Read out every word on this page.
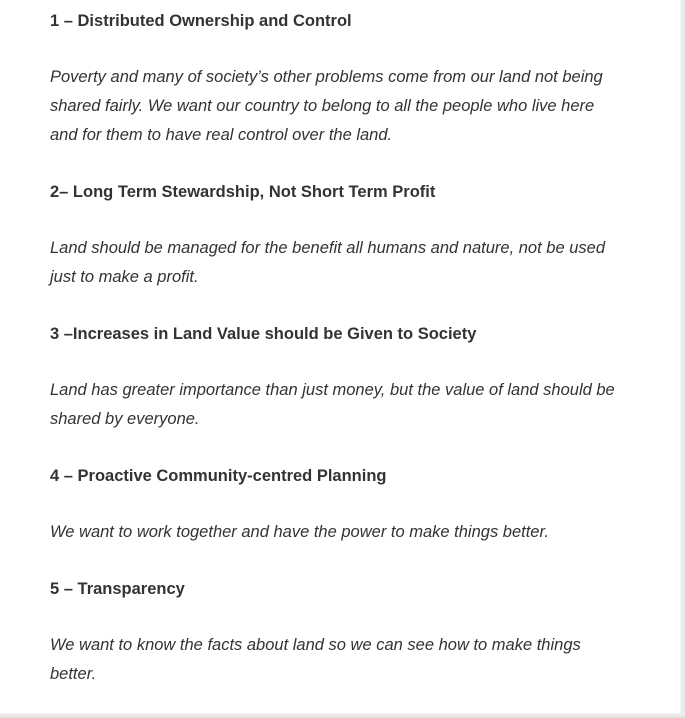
1 – Distributed Ownership and Control

Poverty and many of society’s other problems come from our land not being

shared fairly. We want our country to belong to all the people who live here

and for them to have real control over the land.

2– Long Term Stewardship, Not Short Term Profit

Land should be managed for the benefit all humans and nature, not be used

just to make a profit.

3 –Increases in Land Value should be Given to Society

Land has greater importance than just money, but the value of land should be

shared by everyone.

4 – Proactive Community-centred Planning

We want to work together and have the power to make things better.

5 – Transparency

We want to know the facts about land so we can see how to make things

better.
